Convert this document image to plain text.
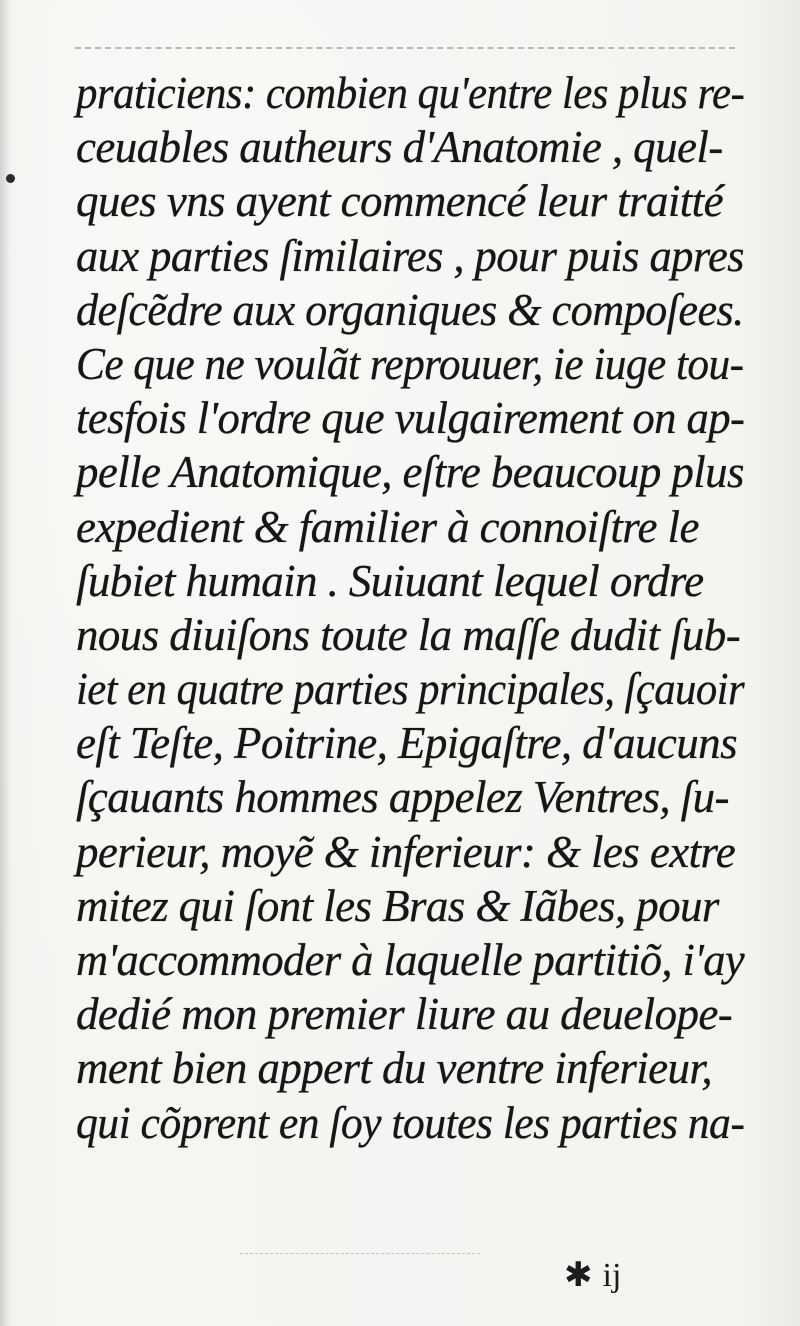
praticiens: combien qu'entre les plus re-
ceuables autheurs d'Anatomie , quel-
ques vns ayent commencé leur traitté
aux parties ſimilaires , pour puis apres
deſcẽdre aux organiques & compoſees.
Ce que ne voulãt reprouuer, ie iuge tou-
tesfois l'ordre que vulgairement on ap-
pelle Anatomique, eſtre beaucoup plus
expedient & familier à connoiſtre le
ſubiet humain . Suiuant lequel ordre
nous diuiſons toute la maſſe dudit ſub-
iet en quatre parties principales, ſçauoir
eſt Teſte, Poitrine, Epigaſtre, d'aucuns
ſçauants hommes appelez Ventres, ſu-
perieur, moyẽ & inferieur: & les extre
mitez qui ſont les Bras & Iãbes, pour
m'accommoder à laquelle partitiõ, i'ay
dedié mon premier liure au deuelope-
ment bien appert du ventre inferieur,
qui cõprent en ſoy toutes les parties na-
✱ ij
